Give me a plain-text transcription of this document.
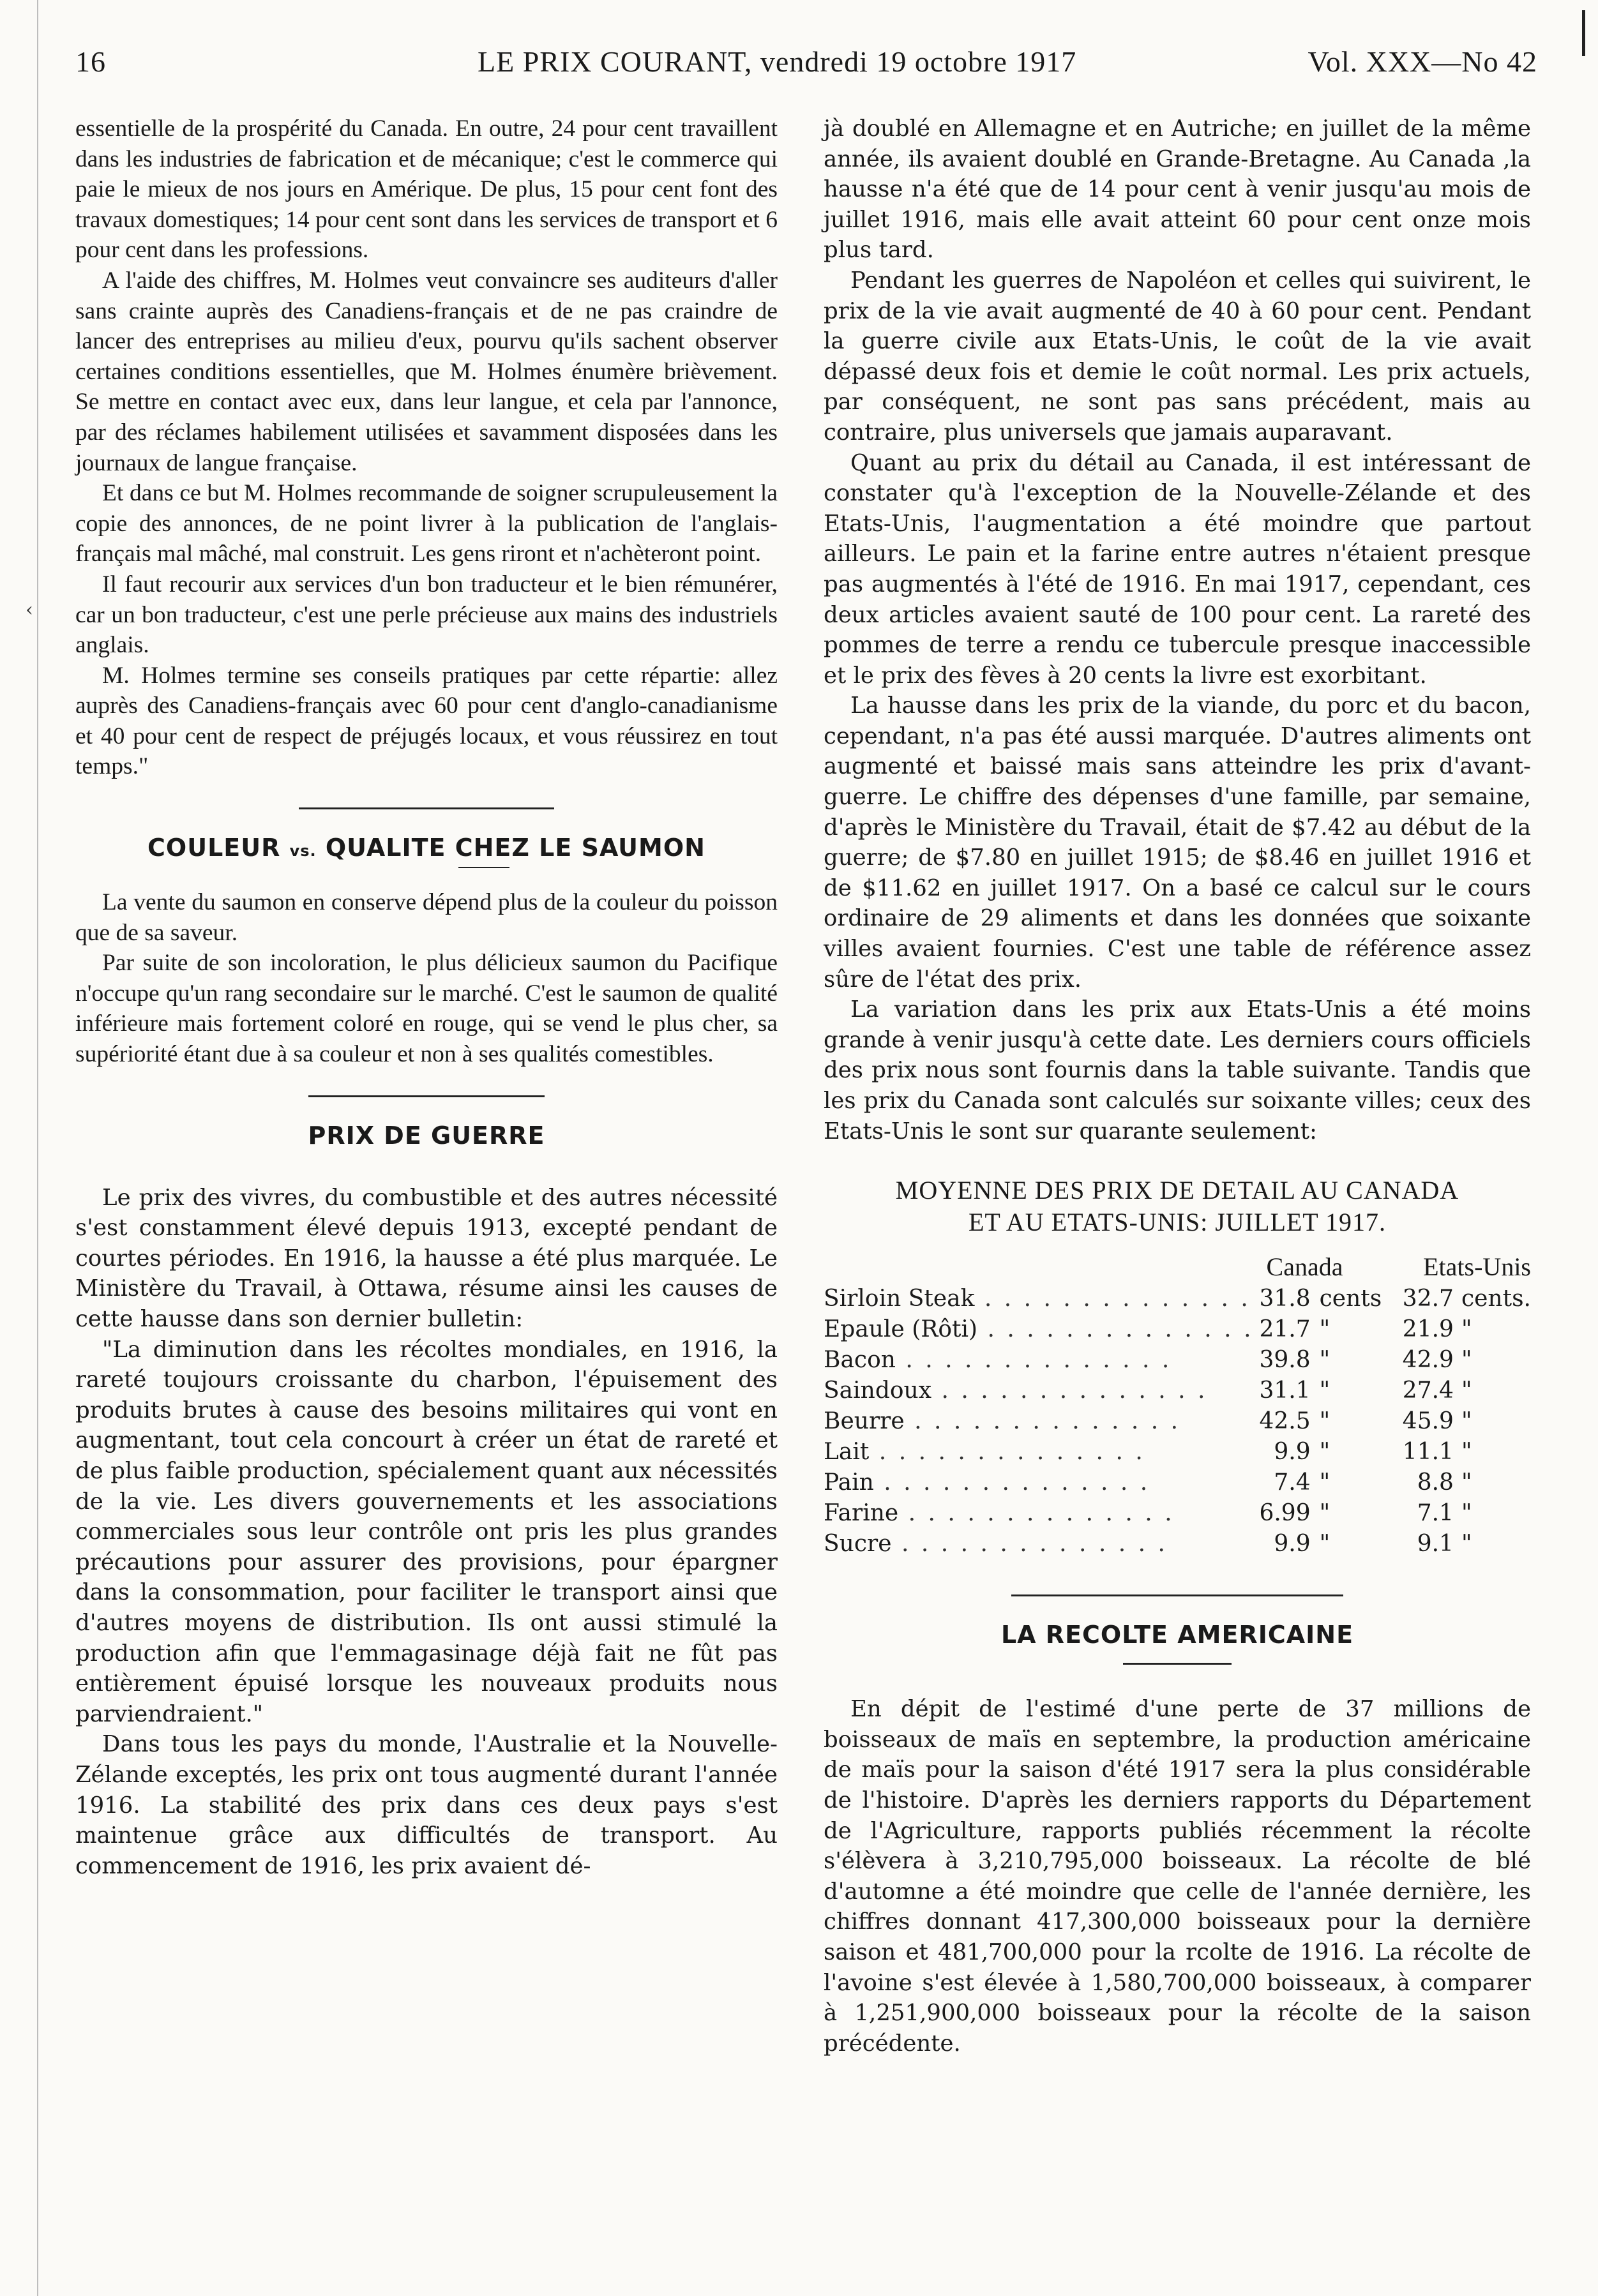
‹
16	LE PRIX COURANT, vendredi 19 octobre 1917	Vol. XXX—No 42

essentielle de la prospérité du Canada. En outre, 24 pour cent travaillent dans les industries de fabrication et de mécanique; c'est le commerce qui paie le mieux de nos jours en Amérique. De plus, 15 pour cent font des travaux domestiques; 14 pour cent sont dans les services de transport et 6 pour cent dans les professions.

A l'aide des chiffres, M. Holmes veut convaincre ses auditeurs d'aller sans crainte auprès des Canadiens-français et de ne pas craindre de lancer des entreprises au milieu d'eux, pourvu qu'ils sachent observer certaines conditions essentielles, que M. Holmes énumère brièvement. Se mettre en contact avec eux, dans leur langue, et cela par l'annonce, par des réclames habilement utilisées et savamment disposées dans les journaux de langue française.

Et dans ce but M. Holmes recommande de soigner scrupuleusement la copie des annonces, de ne point livrer à la publication de l'anglais-français mal mâché, mal construit. Les gens riront et n'achèteront point.

Il faut recourir aux services d'un bon traducteur et le bien rémunérer, car un bon traducteur, c'est une perle précieuse aux mains des industriels anglais.

M. Holmes termine ses conseils pratiques par cette répartie: allez auprès des Canadiens-français avec 60 pour cent d'anglo-canadianisme et 40 pour cent de respect de préjugés locaux, et vous réussirez en tout temps."

COULEUR vs. QUALITE CHEZ LE SAUMON

La vente du saumon en conserve dépend plus de la couleur du poisson que de sa saveur.

Par suite de son incoloration, le plus délicieux saumon du Pacifique n'occupe qu'un rang secondaire sur le marché. C'est le saumon de qualité inférieure mais fortement coloré en rouge, qui se vend le plus cher, sa supériorité étant due à sa couleur et non à ses qualités comestibles.

PRIX DE GUERRE

Le prix des vivres, du combustible et des autres nécessité s'est constamment élevé depuis 1913, excepté pendant de courtes périodes. En 1916, la hausse a été plus marquée. Le Ministère du Travail, à Ottawa, résume ainsi les causes de cette hausse dans son dernier bulletin:

"La diminution dans les récoltes mondiales, en 1916, la rareté toujours croissante du charbon, l'épuisement des produits brutes à cause des besoins militaires qui vont en augmentant, tout cela concourt à créer un état de rareté et de plus faible production, spécialement quant aux nécessités de la vie. Les divers gouvernements et les associations commerciales sous leur contrôle ont pris les plus grandes précautions pour assurer des provisions, pour épargner dans la consommation, pour faciliter le transport ainsi que d'autres moyens de distribution. Ils ont aussi stimulé la production afin que l'emmagasinage déjà fait ne fût pas entièrement épuisé lorsque les nouveaux produits nous parviendraient."

Dans tous les pays du monde, l'Australie et la Nouvelle-Zélande exceptés, les prix ont tous augmenté durant l'année 1916. La stabilité des prix dans ces deux pays s'est maintenue grâce aux difficultés de transport. Au commencement de 1916, les prix avaient dé-

jà doublé en Allemagne et en Autriche; en juillet de la même année, ils avaient doublé en Grande-Bretagne. Au Canada ,la hausse n'a été que de 14 pour cent à venir jusqu'au mois de juillet 1916, mais elle avait atteint 60 pour cent onze mois plus tard.

Pendant les guerres de Napoléon et celles qui suivirent, le prix de la vie avait augmenté de 40 à 60 pour cent. Pendant la guerre civile aux Etats-Unis, le coût de la vie avait dépassé deux fois et demie le coût normal. Les prix actuels, par conséquent, ne sont pas sans précédent, mais au contraire, plus universels que jamais auparavant.

Quant au prix du détail au Canada, il est intéressant de constater qu'à l'exception de la Nouvelle-Zélande et des Etats-Unis, l'augmentation a été moindre que partout ailleurs. Le pain et la farine entre autres n'étaient presque pas augmentés à l'été de 1916. En mai 1917, cependant, ces deux articles avaient sauté de 100 pour cent. La rareté des pommes de terre a rendu ce tubercule presque inaccessible et le prix des fèves à 20 cents la livre est exorbitant.

La hausse dans les prix de la viande, du porc et du bacon, cependant, n'a pas été aussi marquée. D'autres aliments ont augmenté et baissé mais sans atteindre les prix d'avant-guerre. Le chiffre des dépenses d'une famille, par semaine, d'après le Ministère du Travail, était de $7.42 au début de la guerre; de $7.80 en juillet 1915; de $8.46 en juillet 1916 et de $11.62 en juillet 1917. On a basé ce calcul sur le cours ordinaire de 29 aliments et dans les données que soixante villes avaient fournies. C'est une table de référence assez sûre de l'état des prix.

La variation dans les prix aux Etats-Unis a été moins grande à venir jusqu'à cette date. Les derniers cours officiels des prix nous sont fournis dans la table suivante. Tandis que les prix du Canada sont calculés sur soixante villes; ceux des Etats-Unis le sont sur quarante seulement:

MOYENNE DES PRIX DE DETAIL AU CANADA
ET AU ETATS-UNIS: JUILLET 1917.
	Canada		Etats-Unis	
Sirloin Steak . . . . . . . . . . . . . .	31.8	cents	32.7	cents.
Epaule (Rôti) . . . . . . . . . . . . . .	21.7	"	21.9	"
Bacon . . . . . . . . . . . . . .	39.8	"	42.9	"
Saindoux . . . . . . . . . . . . . .	31.1	"	27.4	"
Beurre . . . . . . . . . . . . . .	42.5	"	45.9	"
Lait . . . . . . . . . . . . . .	9.9	"	11.1	"
Pain . . . . . . . . . . . . . .	7.4	"	8.8	"
Farine . . . . . . . . . . . . . .	6.99	"	7.1	"
Sucre . . . . . . . . . . . . . .	9.9	"	9.1	"
LA RECOLTE AMERICAINE

En dépit de l'estimé d'une perte de 37 millions de boisseaux de maïs en septembre, la production américaine de maïs pour la saison d'été 1917 sera la plus considérable de l'histoire. D'après les derniers rapports du Département de l'Agriculture, rapports publiés récemment la récolte s'élèvera à 3,210,795,000 boisseaux. La récolte de blé d'automne a été moindre que celle de l'année dernière, les chiffres donnant 417,300,000 boisseaux pour la dernière saison et 481,700,000 pour la rcolte de 1916. La récolte de l'avoine s'est élevée à 1,580,700,000 boisseaux, à comparer à 1,251,900,000 boisseaux pour la récolte de la saison précédente.
